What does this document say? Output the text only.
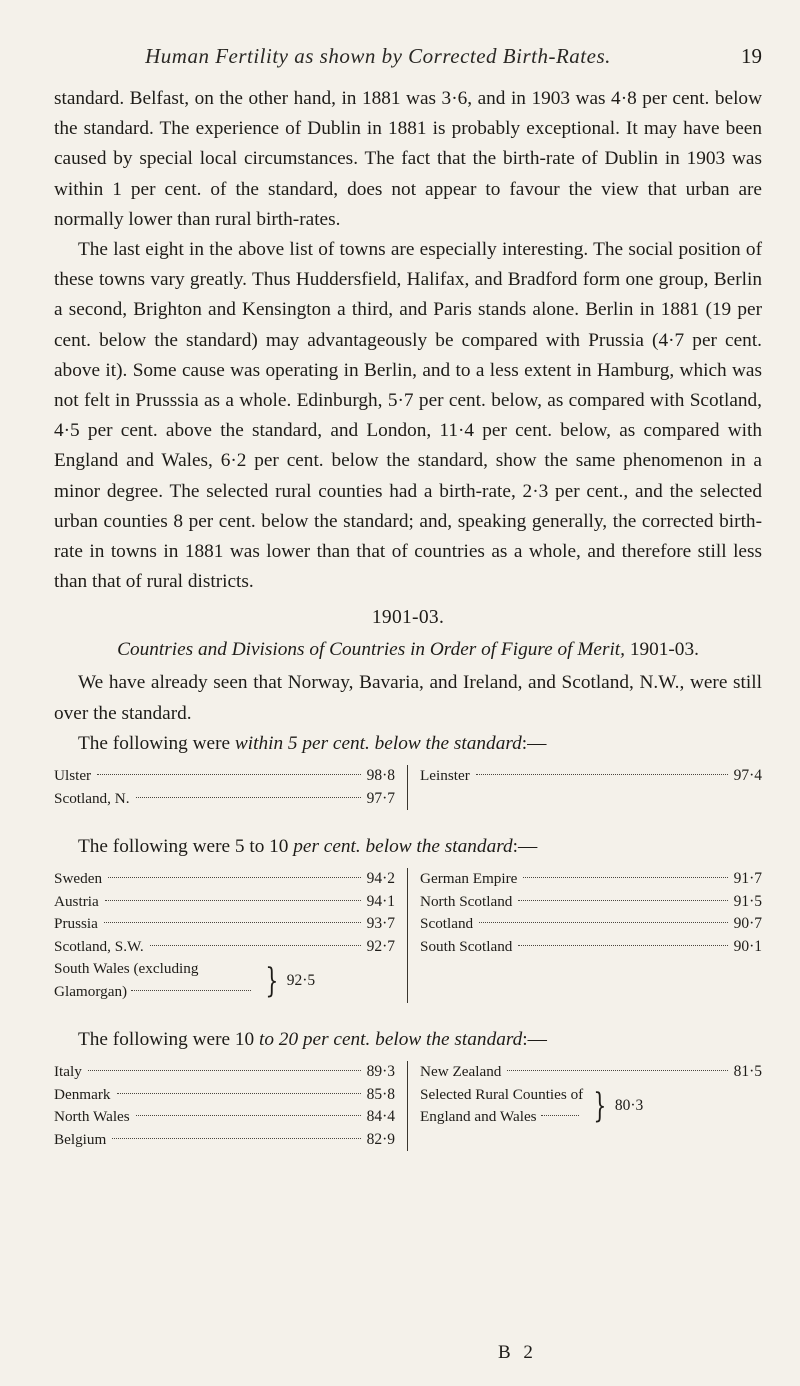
Human Fertility as shown by Corrected Birth-Rates.	19

standard. Belfast, on the other hand, in 1881 was 3·6, and in 1903 was 4·8 per cent. below the standard. The experience of Dublin in 1881 is probably exceptional. It may have been caused by special local circumstances. The fact that the birth-rate of Dublin in 1903 was within 1 per cent. of the standard, does not appear to favour the view that urban are normally lower than rural birth-rates.

The last eight in the above list of towns are especially interesting. The social position of these towns vary greatly. Thus Huddersfield, Halifax, and Bradford form one group, Berlin a second, Brighton and Kensington a third, and Paris stands alone. Berlin in 1881 (19 per cent. below the standard) may advantageously be compared with Prussia (4·7 per cent. above it). Some cause was operating in Berlin, and to a less extent in Hamburg, which was not felt in Prusssia as a whole. Edinburgh, 5·7 per cent. below, as compared with Scotland, 4·5 per cent. above the standard, and London, 11·4 per cent. below, as compared with England and Wales, 6·2 per cent. below the standard, show the same phenomenon in a minor degree. The selected rural counties had a birth-rate, 2·3 per cent., and the selected urban counties 8 per cent. below the standard; and, speaking generally, the corrected birth-rate in towns in 1881 was lower than that of countries as a whole, and therefore still less than that of rural districts.

1901-03.
Countries and Divisions of Countries in Order of Figure of Merit, 1901-03.

We have already seen that Norway, Bavaria, and Ireland, and Scotland, N.W., were still over the standard.

The following were within 5 per cent. below the standard:—

Ulster	98·8
Scotland, N.	97·7
Leinster	97·4

The following were 5 to 10 per cent. below the standard:—

Sweden	94·2
Austria	94·1
Prussia	93·7
Scotland, S.W.	92·7
South Wales (excluding
Glamorgan)	} 92·5
German Empire	91·7
North Scotland	91·5
Scotland	90·7
South Scotland	90·1

The following were 10 to 20 per cent. below the standard:—

Italy	89·3
Denmark	85·8
North Wales	84·4
Belgium	82·9
New Zealand	81·5
Selected Rural Counties of
England and Wales } 80·3
B 2
